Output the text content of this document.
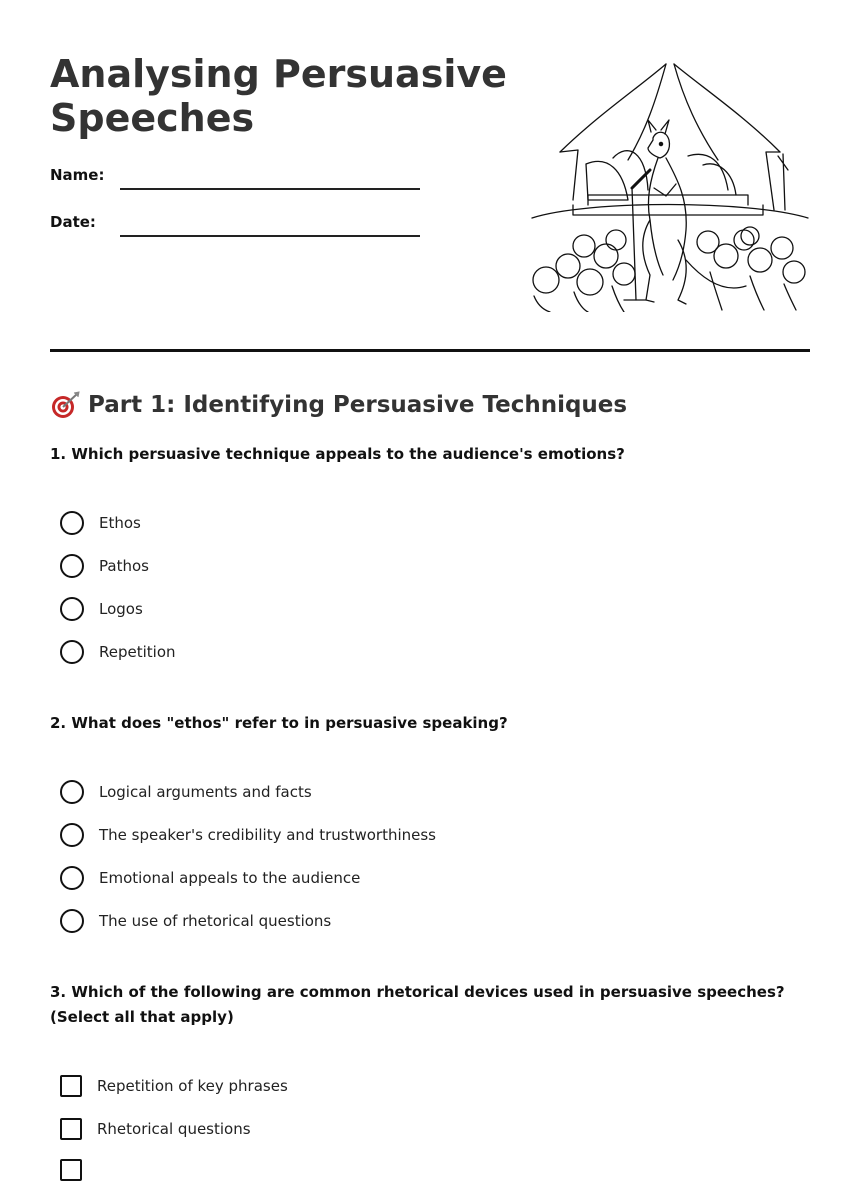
Analysing Persuasive Speeches
Name:
Date:
Part 1: Identifying Persuasive Techniques

1. Which persuasive technique appeals to the audience's emotions?

Ethos
Pathos
Logos
Repetition

2. What does "ethos" refer to in persuasive speaking?

Logical arguments and facts
The speaker's credibility and trustworthiness
Emotional appeals to the audience
The use of rhetorical questions

3. Which of the following are common rhetorical devices used in persuasive speeches? (Select all that apply)

Repetition of key phrases
Rhetorical questions
